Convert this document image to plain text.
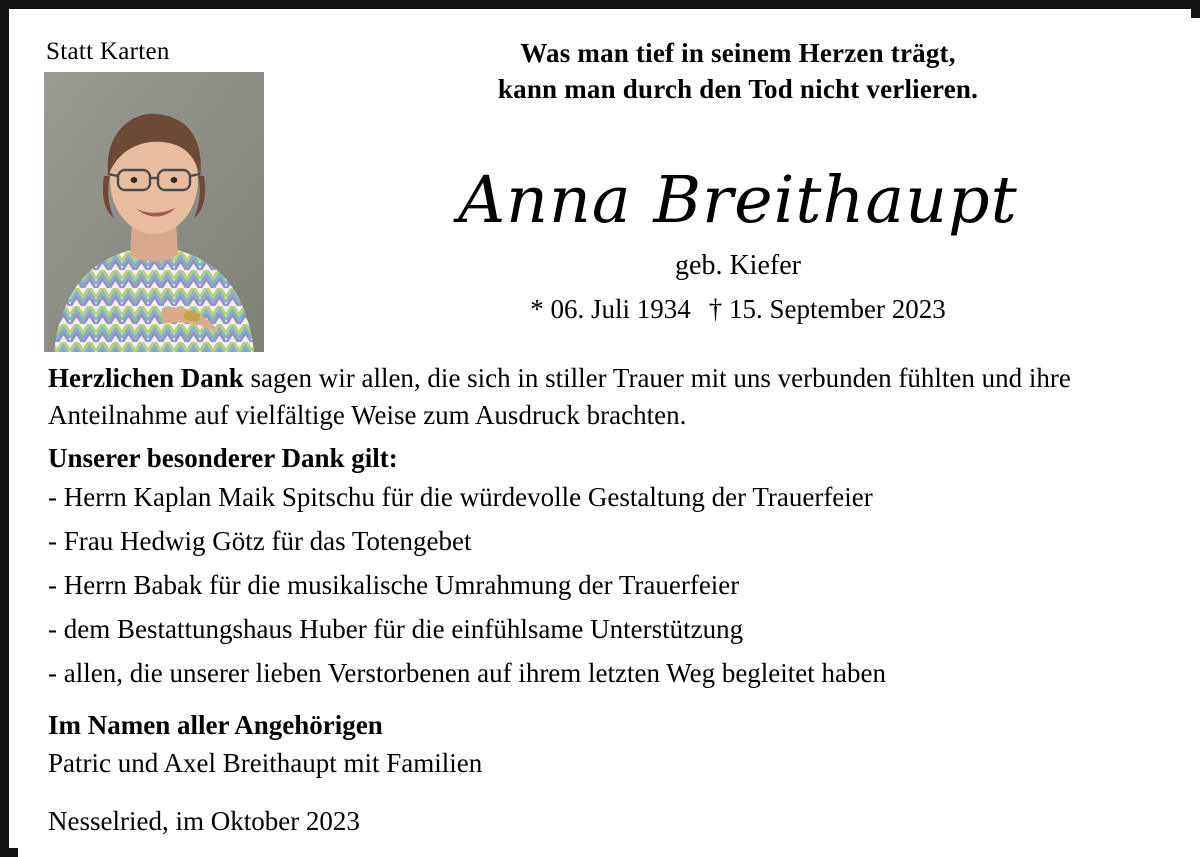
Statt Karten	Was man tief in seinem Herzen trägt,
kann man durch den Tod nicht verlieren.
Anna Breithaupt
geb. Kiefer
* 06. Juli 1934 † 15. September 2023
Herzlichen Dank sagen wir allen, die sich in stiller Trauer mit uns verbunden fühlten und ihre Anteilnahme auf vielfältige Weise zum Ausdruck brachten.
Unserer besonderer Dank gilt:
- Herrn Kaplan Maik Spitschu für die würdevolle Gestaltung der Trauerfeier
- Frau Hedwig Götz für das Totengebet
- Herrn Babak für die musikalische Umrahmung der Trauerfeier
- dem Bestattungshaus Huber für die einfühlsame Unterstützung
- allen, die unserer lieben Verstorbenen auf ihrem letzten Weg begleitet haben
Im Namen aller Angehörigen
Patric und Axel Breithaupt mit Familien
Nesselried, im Oktober 2023
